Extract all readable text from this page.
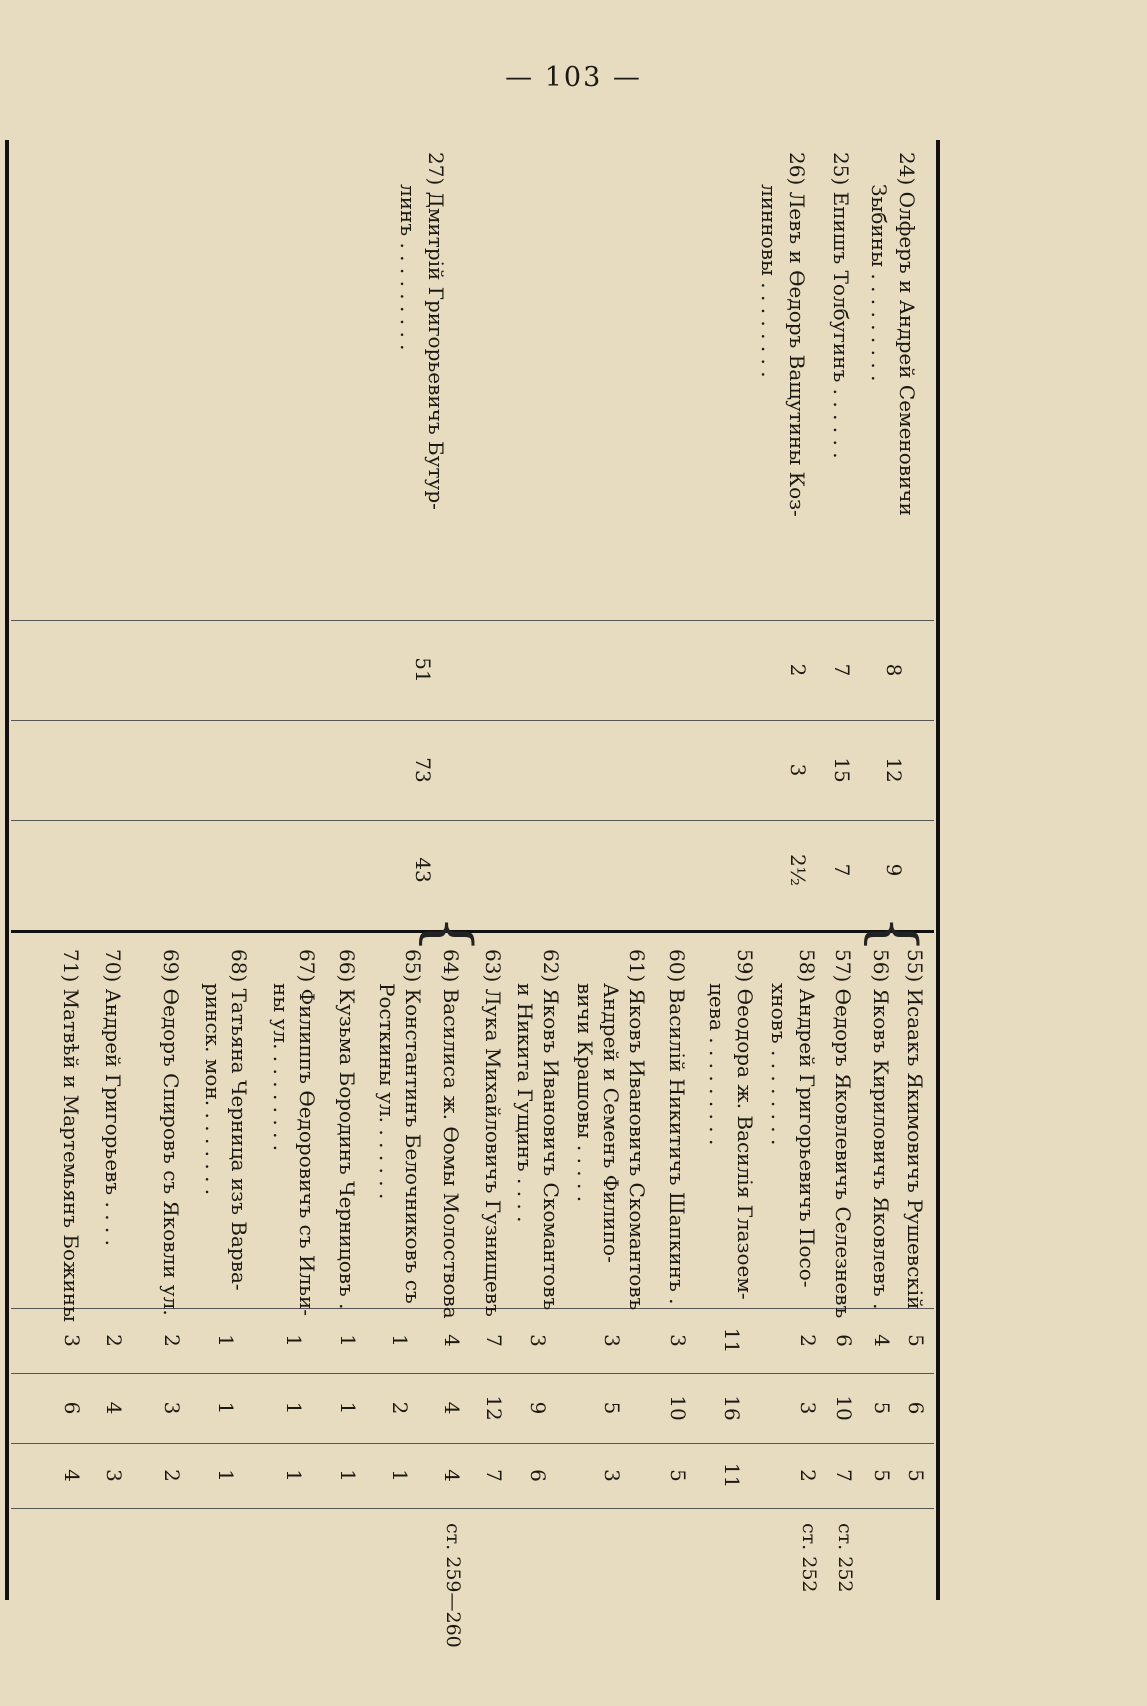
— 103 —
24) Олферъ и Андрей Семеновичи
Зыбины . . . . . . . . .
8
12
9
25) Епишъ Толбугинъ . . . . . .
7
15
7
26) Левъ и Өедоръ Ващутины Коз-
линновы . . . . . . . .
2
3
2½
27) Дмитрій Григорьевичъ Бутур-
линъ . . . . . . . . .
51
73
43
{
{
55) Исаакъ Якимовичъ Рушевскій
5
6
5
56) Яковъ Кириловичъ Яковлевъ .
4
5
5
57) Өедоръ Яковлевичъ Селезневъ
6
10
7
ст. 252
58) Андрей Григорьевичъ Посо-
хновъ . . . . . . . .
2
3
2
ст. 252
59) Өеодора ж. Василія Глазоем-
цева . . . . . . . . .
11
16
11
60) Василій Никитичъ Шапкинъ .
3
10
5
61) Яковъ Ивановичъ Скомантовъ
Андрей и Семенъ Филипо-
вичи Крашовы . . . . .
3
5
3
62) Яковъ Ивановичъ Скомантовъ
и Никита Гущинъ . . . .
3
9
6
63) Лука Михайловичъ Гузнищевъ
7
12
7
64) Василиса ж. Өомы Молоствова
4
4
4
ст. 259—260
65) Константинъ Белочниковъ съ
Росткины ул. . . . . . .
1
2
1
66) Кузьма Бородинъ Черницовъ .
1
1
1
67) Филиппъ Өедоровичъ съ Ильи-
ны ул. . . . . . . . .
1
1
1
68) Татьяна Черница изъ Варва-
ринск. мон. . . . . . . .
1
1
1
69) Өедоръ Спировъ съ Яковли ул.
2
3
2
70) Андрей Григорьевъ . . . .
2
4
3
71) Матвѣй и Мартемьянъ Божины
3
6
4
